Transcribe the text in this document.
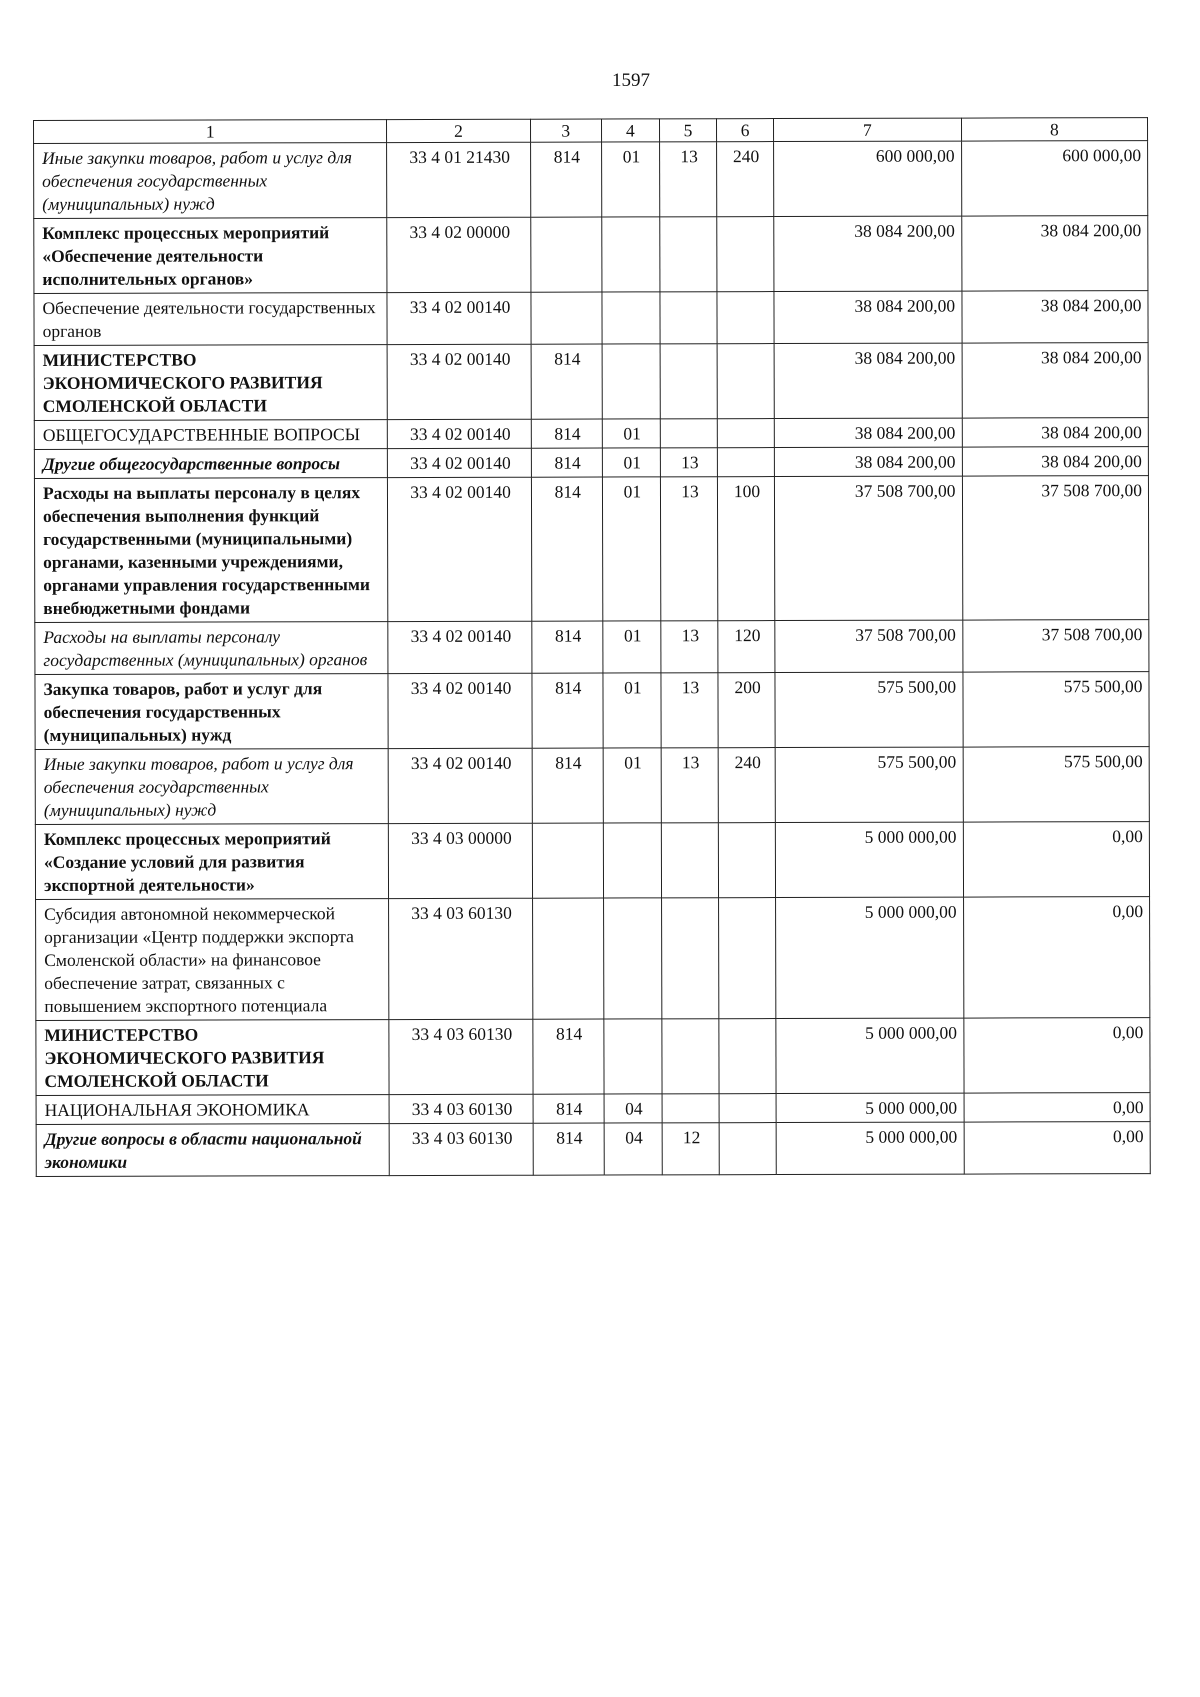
1597
1	2	3	4	5	6	7	8
Иные закупки товаров, работ и услуг для обеспечения государственных (муниципальных) нужд	33 4 01 21430	814	01	13	240	600 000,00	600 000,00
Комплекс процессных мероприятий «Обеспечение деятельности исполнительных органов»	33 4 02 00000					38 084 200,00	38 084 200,00
Обеспечение деятельности государственных органов	33 4 02 00140					38 084 200,00	38 084 200,00
МИНИСТЕРСТВО ЭКОНОМИЧЕСКОГО РАЗВИТИЯ СМОЛЕНСКОЙ ОБЛАСТИ	33 4 02 00140	814				38 084 200,00	38 084 200,00
ОБЩЕГОСУДАРСТВЕННЫЕ ВОПРОСЫ	33 4 02 00140	814	01			38 084 200,00	38 084 200,00
Другие общегосударственные вопросы	33 4 02 00140	814	01	13		38 084 200,00	38 084 200,00
Расходы на выплаты персоналу в целях обеспечения выполнения функций государственными (муниципальными) органами, казенными учреждениями, органами управления государственными внебюджетными фондами	33 4 02 00140	814	01	13	100	37 508 700,00	37 508 700,00
Расходы на выплаты персоналу государственных (муниципальных) органов	33 4 02 00140	814	01	13	120	37 508 700,00	37 508 700,00
Закупка товаров, работ и услуг для обеспечения государственных (муниципальных) нужд	33 4 02 00140	814	01	13	200	575 500,00	575 500,00
Иные закупки товаров, работ и услуг для обеспечения государственных (муниципальных) нужд	33 4 02 00140	814	01	13	240	575 500,00	575 500,00
Комплекс процессных мероприятий «Создание условий для развития экспортной деятельности»	33 4 03 00000					5 000 000,00	0,00
Субсидия автономной некоммерческой организации «Центр поддержки экспорта Смоленской области» на финансовое обеспечение затрат, связанных с повышением экспортного потенциала	33 4 03 60130					5 000 000,00	0,00
МИНИСТЕРСТВО ЭКОНОМИЧЕСКОГО РАЗВИТИЯ СМОЛЕНСКОЙ ОБЛАСТИ	33 4 03 60130	814				5 000 000,00	0,00
НАЦИОНАЛЬНАЯ ЭКОНОМИКА	33 4 03 60130	814	04			5 000 000,00	0,00
Другие вопросы в области национальной экономики	33 4 03 60130	814	04	12		5 000 000,00	0,00
